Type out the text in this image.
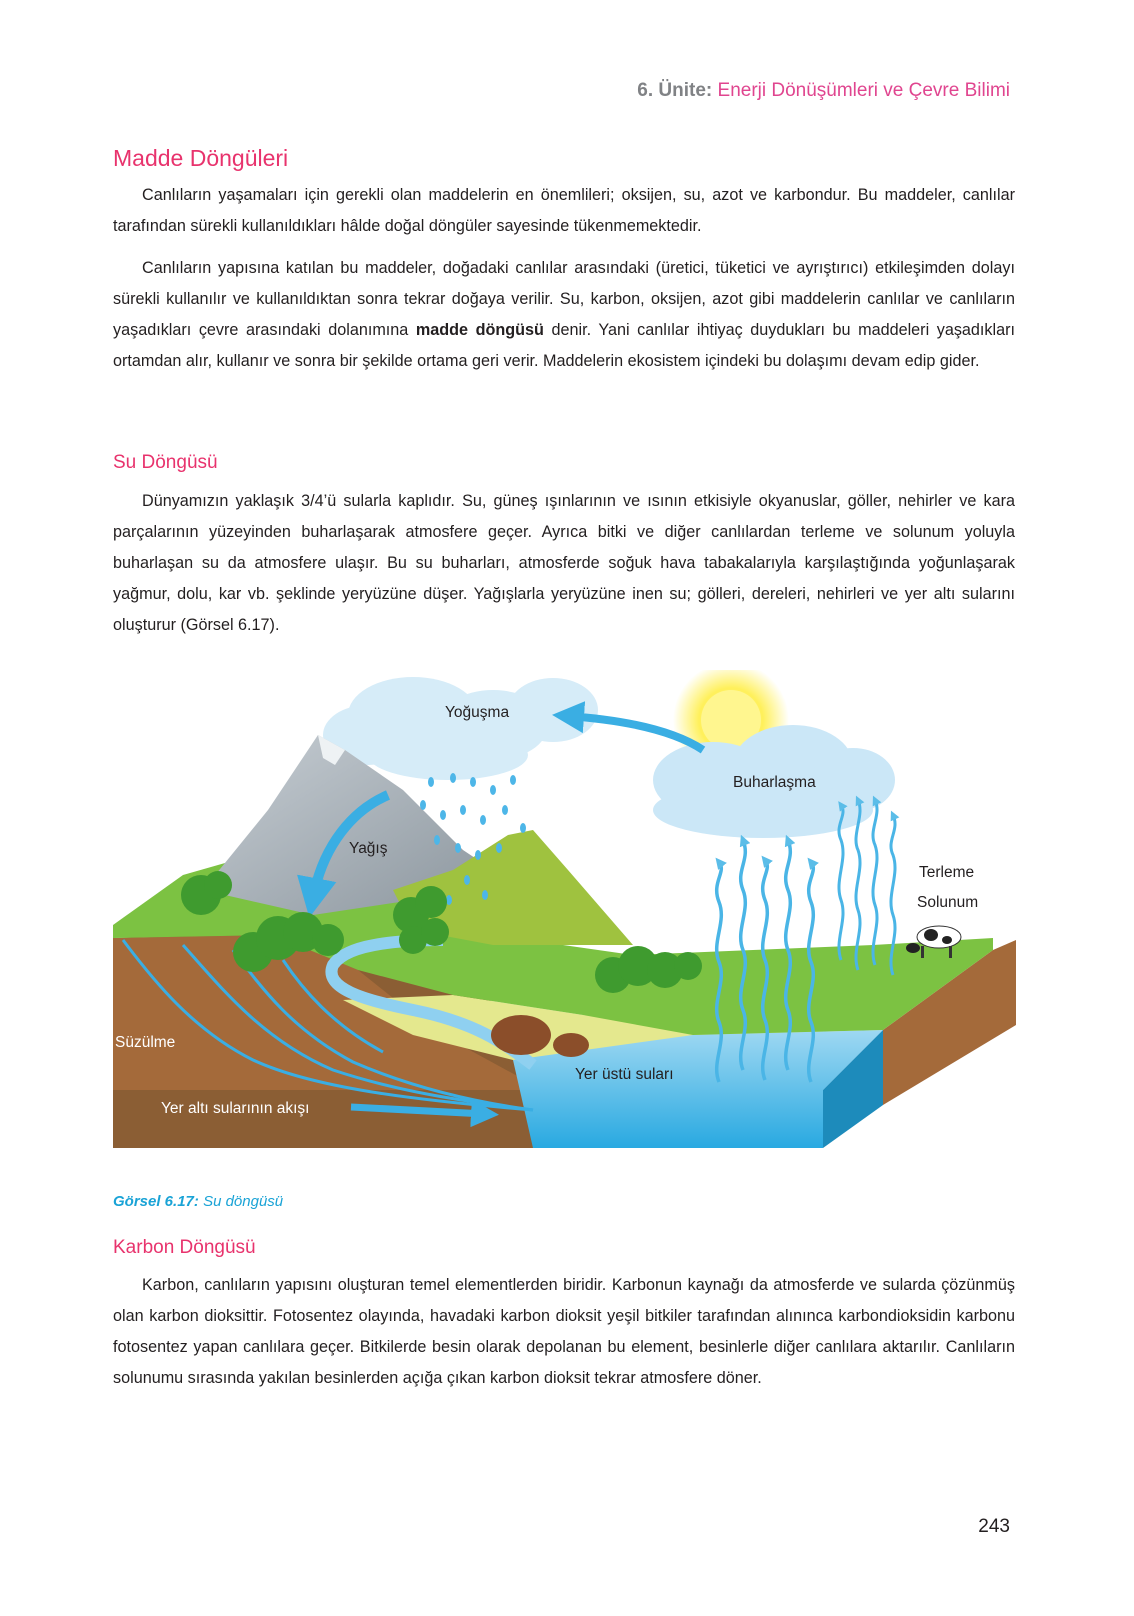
6. Ünite: Enerji Dönüşümleri ve Çevre Bilimi
Madde Döngüleri

Canlıların yaşamaları için gerekli olan maddelerin en önemlileri; oksijen, su, azot ve karbondur. Bu maddeler, canlılar tarafından sürekli kullanıldıkları hâlde doğal döngüler sayesinde tükenmemektedir.

Canlıların yapısına katılan bu maddeler, doğadaki canlılar arasındaki (üretici, tüketici ve ayrıştırıcı) etkileşimden dolayı sürekli kullanılır ve kullanıldıktan sonra tekrar doğaya verilir. Su, karbon, oksijen, azot gibi maddelerin canlılar ve canlıların yaşadıkları çevre arasındaki dolanımına madde döngüsü denir. Yani canlılar ihtiyaç duydukları bu maddeleri yaşadıkları ortamdan alır, kullanır ve sonra bir şekilde ortama geri verir. Maddelerin ekosistem içindeki bu dolaşımı devam edip gider.

Su Döngüsü

Dünyamızın yaklaşık 3/4’ü sularla kaplıdır. Su, güneş ışınlarının ve ısının etkisiyle okyanuslar, göller, nehirler ve kara parçalarının yüzeyinden buharlaşarak atmosfere geçer. Ayrıca bitki ve diğer canlılardan terleme ve solunum yoluyla buharlaşan su da atmosfere ulaşır. Bu su buharları, atmosferde soğuk hava tabakalarıyla karşılaştığında yoğunlaşarak yağmur, dolu, kar vb. şeklinde yeryüzüne düşer. Yağışlarla yeryüzüne inen su; gölleri, dereleri, nehirleri ve yer altı sularını oluşturur (Görsel 6.17).

Yoğuşma
Buharlaşma
Yağış
Terleme
Solunum
Süzülme
Yer üstü suları
Yer altı sularının akışı
Görsel 6.17: Su döngüsü
Karbon Döngüsü

Karbon, canlıların yapısını oluşturan temel elementlerden biridir. Karbonun kaynağı da atmosferde ve sularda çözünmüş olan karbon dioksittir. Fotosentez olayında, havadaki karbon dioksit yeşil bitkiler tarafından alınınca karbondioksidin karbonu fotosentez yapan canlılara geçer. Bitkilerde besin olarak depolanan bu element, besinlerle diğer canlılara aktarılır. Canlıların solunumu sırasında yakılan besinlerden açığa çıkan karbon dioksit tekrar atmosfere döner.

243
